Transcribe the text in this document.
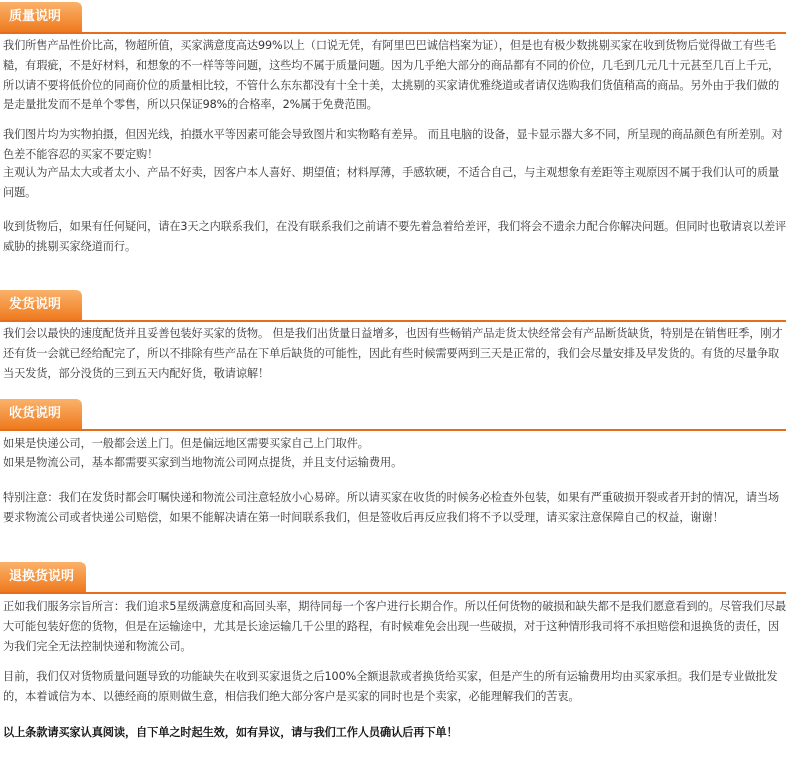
质量说明

我们所售产品性价比高，物超所值，买家满意度高达99%以上（口说无凭，有阿里巴巴诚信档案为证），但是也有极少数挑剔买家在收到货物后觉得做工有些毛糙，有瑕疵，不是好材料，和想象的不一样等等问题，这些均不属于质量问题。因为几乎绝大部分的商品都有不同的价位，几毛到几元几十元甚至几百上千元，所以请不要将低价位的同商价位的质量相比较，不管什么东东都没有十全十美，太挑剔的买家请优雅绕道或者请仅选购我们货值稍高的商品。另外由于我们做的是走量批发而不是单个零售，所以只保证98%的合格率，2%属于免费范围。

我们图片均为实物拍摄，但因光线，拍摄水平等因素可能会导致图片和实物略有差异。 而且电脑的设备，显卡显示器大多不同，所呈现的商品颜色有所差别。对色差不能容忍的买家不要定购！

主观认为产品太大或者太小、产品不好卖，因客户本人喜好、期望值；材料厚薄，手感软硬，不适合自己，与主观想象有差距等主观原因不属于我们认可的质量问题。

收到货物后，如果有任何疑问，请在3天之内联系我们，在没有联系我们之前请不要先着急着给差评，我们将会不遗余力配合你解决问题。但同时也敬请哀以差评威胁的挑剔买家绕道而行。

发货说明

我们会以最快的速度配货并且妥善包装好买家的货物。 但是我们出货量日益增多，也因有些畅销产品走货太快经常会有产品断货缺货，特别是在销售旺季，刚才还有货一会就已经给配完了，所以不排除有些产品在下单后缺货的可能性，因此有些时候需要两到三天是正常的，我们会尽量安排及早发货的。有货的尽量争取当天发货，部分没货的三到五天内配好货，敬请谅解！

收货说明

如果是快递公司，一般都会送上门。但是偏远地区需要买家自己上门取件。

如果是物流公司，基本都需要买家到当地物流公司网点提货，并且支付运输费用。

特别注意：我们在发货时都会叮嘱快递和物流公司注意轻放小心易碎。所以请买家在收货的时候务必检查外包装，如果有严重破损开裂或者开封的情况，请当场要求物流公司或者快递公司赔偿，如果不能解决请在第一时间联系我们，但是签收后再反应我们将不予以受理，请买家注意保障自己的权益，谢谢！

退换货说明

正如我们服务宗旨所言：我们追求5星级满意度和高回头率，期待同每一个客户进行长期合作。所以任何货物的破损和缺失都不是我们愿意看到的。尽管我们尽最大可能包装好您的货物，但是在运输途中，尤其是长途运输几千公里的路程，有时候难免会出现一些破损，对于这种情形我司将不承担赔偿和退换货的责任，因为我们完全无法控制快递和物流公司。

目前，我们仅对货物质量问题导致的功能缺失在收到买家退货之后100%全额退款或者换货给买家，但是产生的所有运输费用均由买家承担。我们是专业做批发的，本着诚信为本、以德经商的原则做生意，相信我们绝大部分客户是买家的同时也是个卖家，必能理解我们的苦衷。

以上条款请买家认真阅读，自下单之时起生效，如有异议，请与我们工作人员确认后再下单！
